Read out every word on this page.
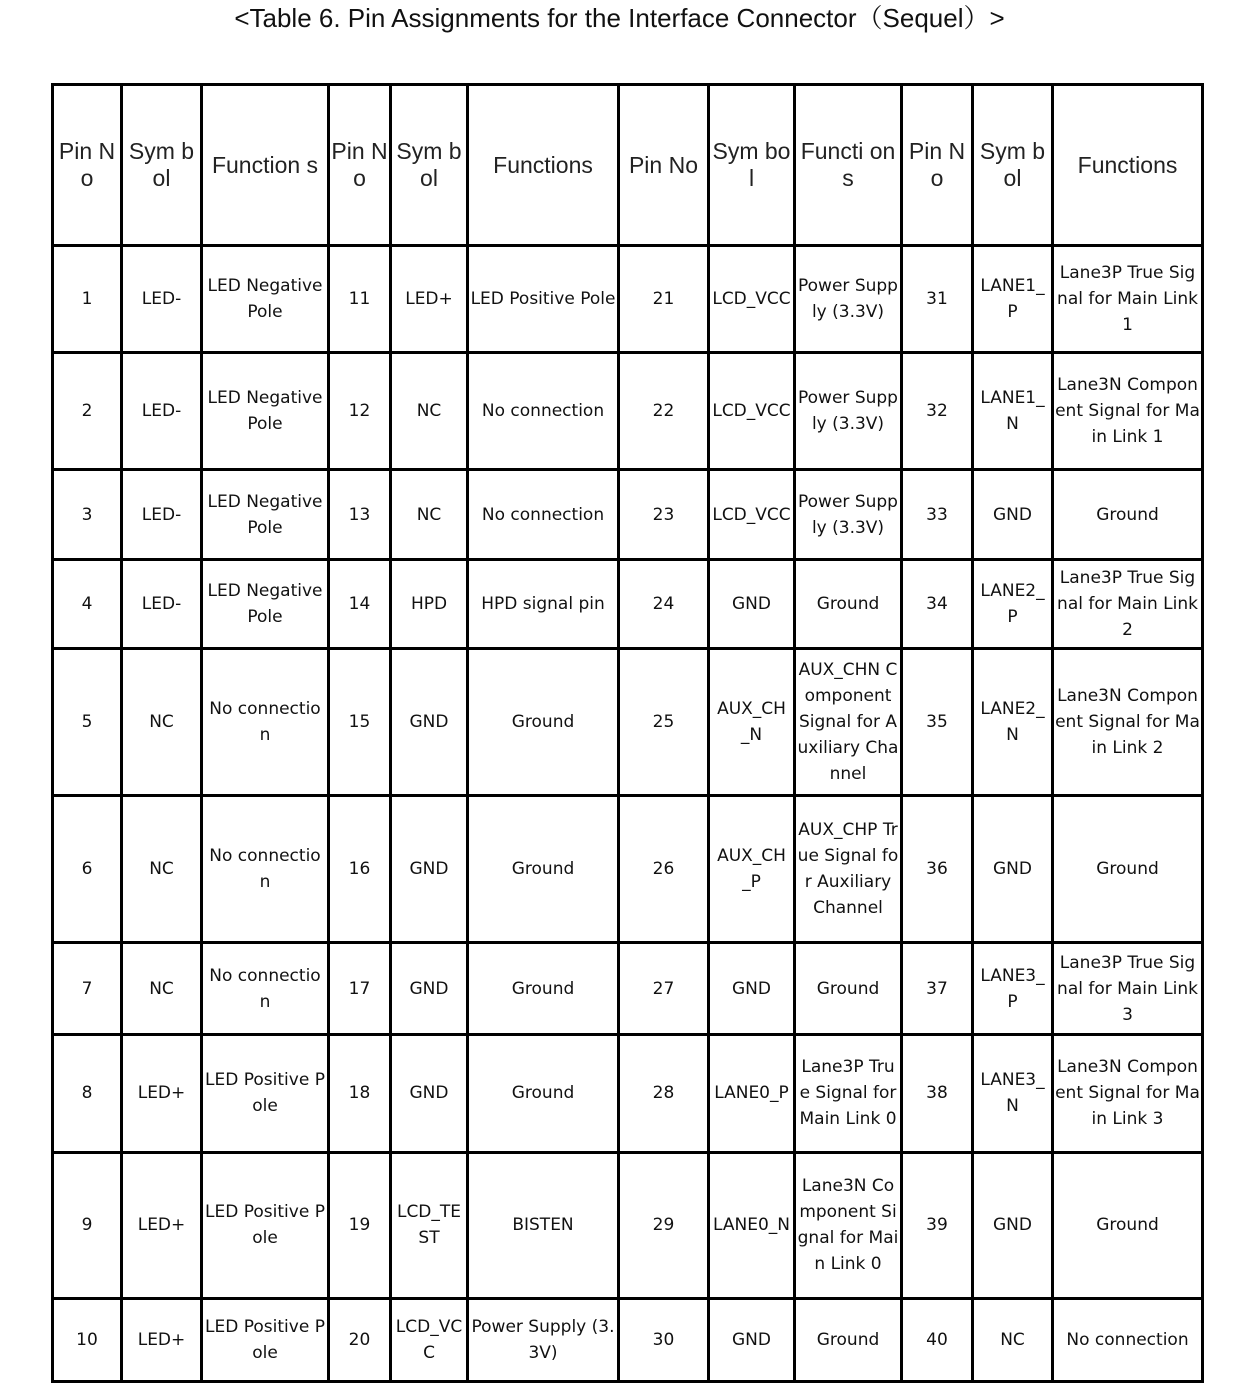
<Table 6. Pin Assignments for the Interface Connector（Sequel）>
Pin No	Sym bol	Function s	Pin No	Sym bol	Functions	Pin No	Sym bol	Functi ons	Pin No	Sym bol	Functions
1	LED-	LED Negative Pole	11	LED+	LED Positive Pole	21	LCD_VCC	Power Supply (3.3V)	31	LANE1_ P	Lane3P True Signal for Main Link 1
2	LED-	LED Negative Pole	12	NC	No connection	22	LCD_VCC	Power Supply (3.3V)	32	LANE1_ N	Lane3N Component Signal for Main Link 1
3	LED-	LED Negative Pole	13	NC	No connection	23	LCD_VCC	Power Supply (3.3V)	33	GND	Ground
4	LED-	LED Negative Pole	14	HPD	HPD signal pin	24	GND	Ground	34	LANE2_ P	Lane3P True Signal for Main Link 2
5	NC	No connection	15	GND	Ground	25	AUX_CH _N	AUX_CHN Component Signal for Auxiliary Channel	35	LANE2_ N	Lane3N Component Signal for Main Link 2
6	NC	No connection	16	GND	Ground	26	AUX_CH _P	AUX_CHP True Signal for Auxiliary Channel	36	GND	Ground
7	NC	No connection	17	GND	Ground	27	GND	Ground	37	LANE3_ P	Lane3P True Signal for Main Link 3
8	LED+	LED Positive Pole	18	GND	Ground	28	LANE0_P	Lane3P True Signal for Main Link 0	38	LANE3_ N	Lane3N Component Signal for Main Link 3
9	LED+	LED Positive Pole	19	LCD_TE ST	BISTEN	29	LANE0_N	Lane3N Component Signal for Main Link 0	39	GND	Ground
10	LED+	LED Positive Pole	20	LCD_VC C	Power Supply (3.3V)	30	GND	Ground	40	NC	No connection
